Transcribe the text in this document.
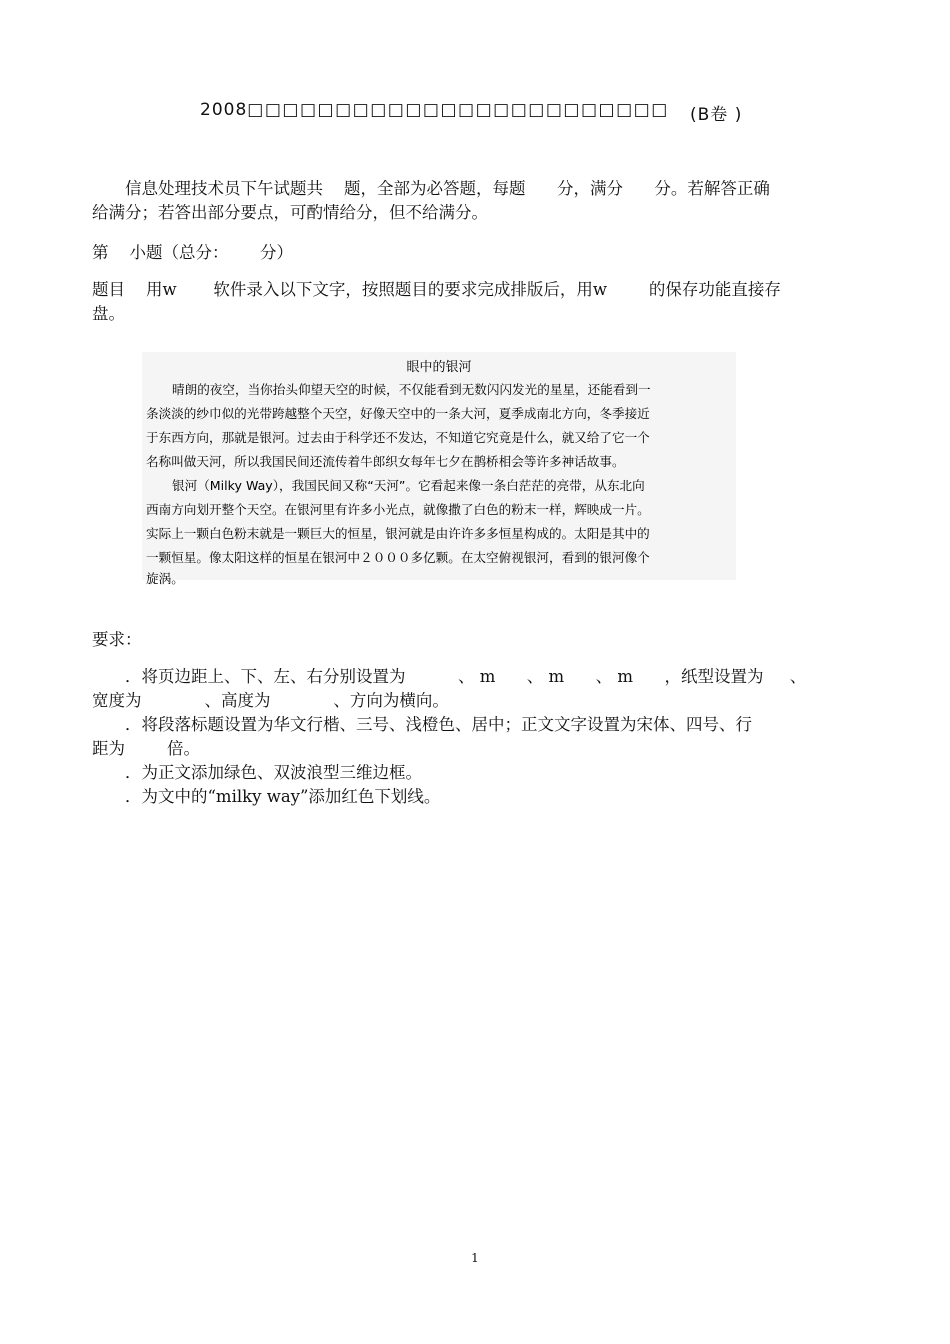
2008□□□□□□□□□□□□□□□□□□□□□□□□ (B卷 )
信息处理技术员下午试题共    题，全部为必答题，每题      分，满分      分。若解答正确
给满分；若答出部分要点，可酌情给分，但不给满分。
第    小题（总分：      分）
题目    用w       软件录入以下文字，按照题目的要求完成排版后，用w        的保存功能直接存
盘。
眼中的银河
晴朗的夜空，当你抬头仰望天空的时候，不仅能看到无数闪闪发光的星星，还能看到一
条淡淡的纱巾似的光带跨越整个天空，好像天空中的一条大河，夏季成南北方向，冬季接近
于东西方向，那就是银河。过去由于科学还不发达，不知道它究竟是什么，就又给了它一个
名称叫做天河，所以我国民间还流传着牛郎织女每年七夕在鹊桥相会等许多神话故事。
银河（Milky Way），我国民间又称“天河”。它看起来像一条白茫茫的亮带，从东北向
西南方向划开整个天空。在银河里有许多小光点，就像撒了白色的粉末一样，辉映成一片。
实际上一颗白色粉末就是一颗巨大的恒星，银河就是由许许多多恒星构成的。太阳是其中的
一颗恒星。像太阳这样的恒星在银河中２０００多亿颗。在太空俯视银河，看到的银河像个
旋涡。
要求：
．将页边距上、下、左、右分别设置为          、 m      、 m      、 m      ，纸型设置为     、
宽度为            、高度为            、方向为横向。
．将段落标题设置为华文行楷、三号、浅橙色、居中；正文文字设置为宋体、四号、行
距为        倍。
．为正文添加绿色、双波浪型三维边框。
．为文中的“milky way”添加红色下划线。
1
